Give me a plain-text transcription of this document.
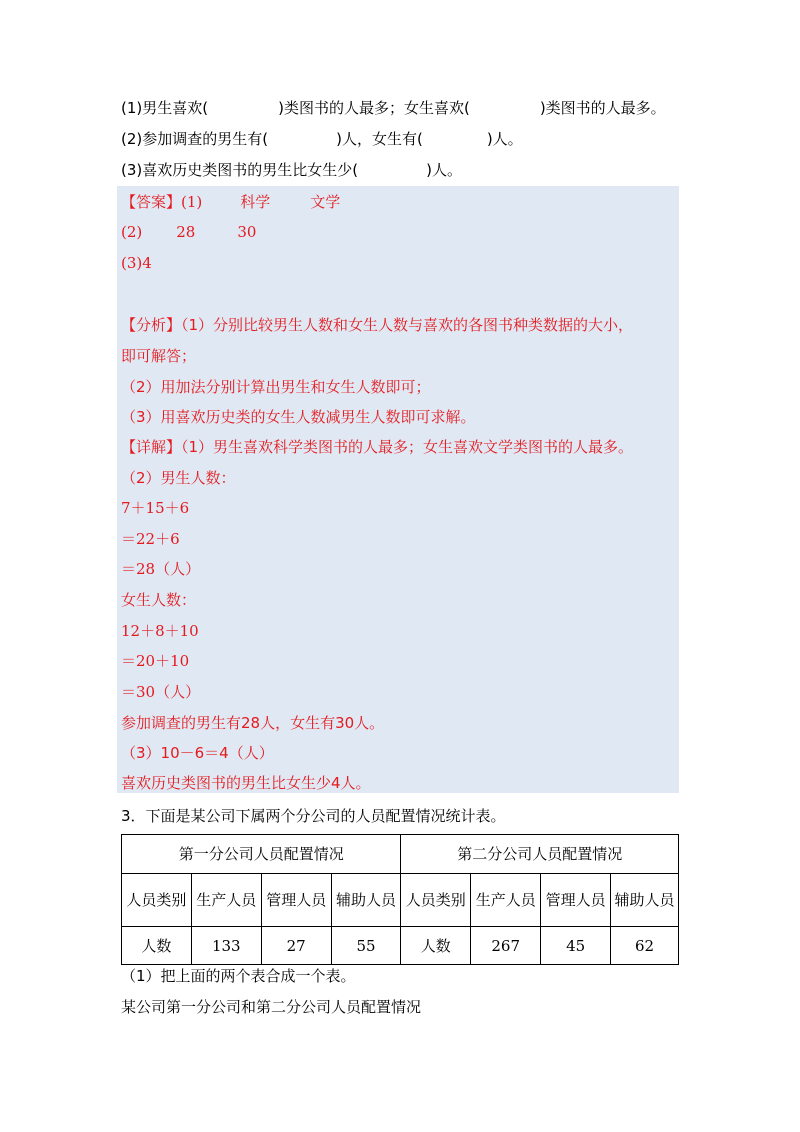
(1)男生喜欢(	)类图书的人最多；女生喜欢(	)类图书的人最多。
(2)参加调查的男生有(	)人，女生有(	)人。
(3)喜欢历史类图书的男生比女生少(	)人。
【答案】(1)	科学	文学
(2) 28	30
(3)4
【分析】（1）分别比较男生人数和女生人数与喜欢的各图书种类数据的大小，
即可解答；
（2）用加法分别计算出男生和女生人数即可；
（3）用喜欢历史类的女生人数减男生人数即可求解。
【详解】（1）男生喜欢科学类图书的人最多；女生喜欢文学类图书的人最多。
（2）男生人数：
7＋15＋6
＝22＋6
＝28（人）
女生人数：
12＋8＋10
＝20＋10
＝30（人）
参加调查的男生有28人，女生有30人。
（3）10－6＝4（人）
喜欢历史类图书的男生比女生少4人。
3．下面是某公司下属两个分公司的人员配置情况统计表。
第一分公司人员配置情况				第二分公司人员配置情况			
人员类别	生产人员	管理人员	辅助人员	人员类别	生产人员	管理人员	辅助人员
人数	133	27	55	人数	267	45	62
（1）把上面的两个表合成一个表。
某公司第一分公司和第二分公司人员配置情况
